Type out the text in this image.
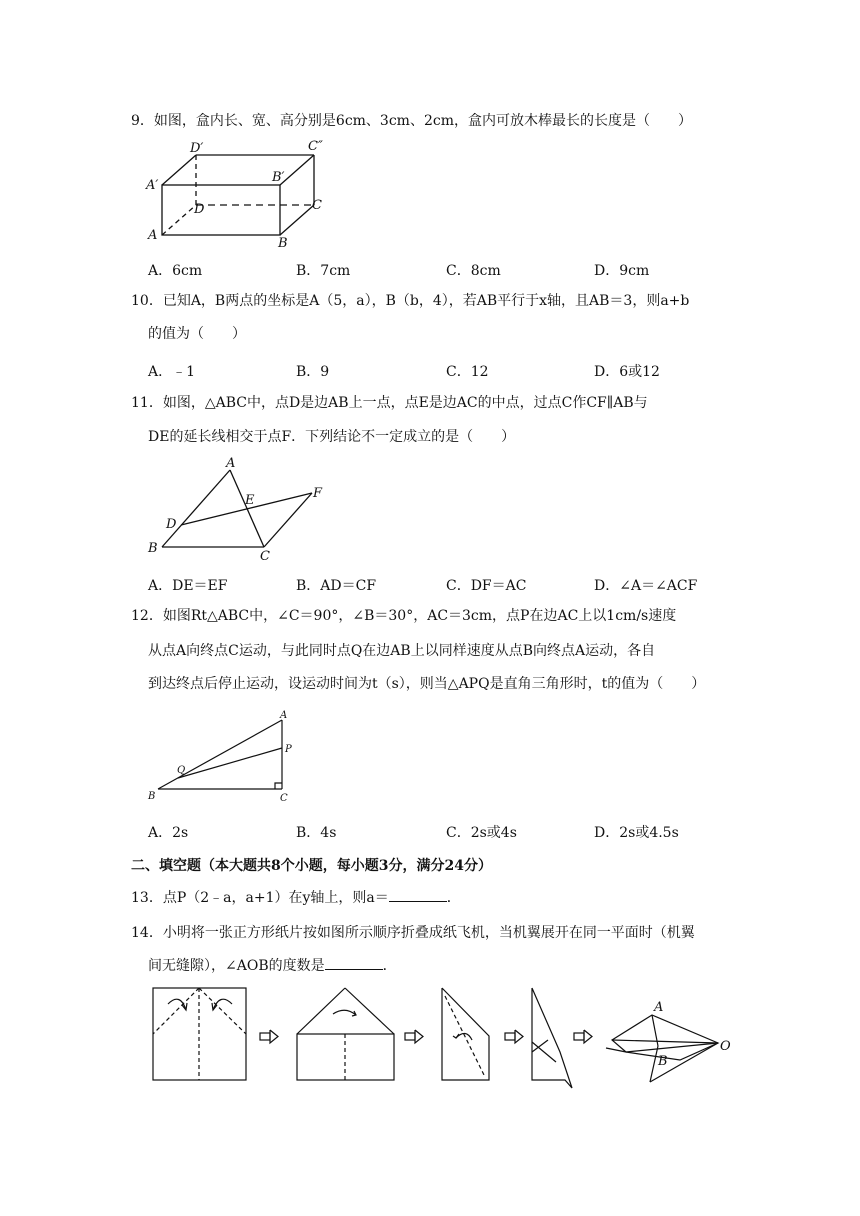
9．如图，盒内长、宽、高分别是6cm、3cm、2cm，盒内可放木棒最长的长度是（　　）
D′	C″
A′
B′
D	C
A
B
A．6cm	B．7cm	C．8cm	D．9cm
10．已知A，B两点的坐标是A（5，a），B（b，4），若AB平行于x轴，且AB＝3，则a+b
的值为（　　）
A．﹣1	B．9	C．12	D．6或12
11．如图，△ABC中，点D是边AB上一点，点E是边AC的中点，过点C作CF∥AB与
DE的延长线相交于点F．下列结论不一定成立的是（　　）
A
E	F
D
B
C
A．DE＝EF	B．AD＝CF	C．DF＝AC	D．∠A＝∠ACF
12．如图Rt△ABC中，∠C＝90°，∠B＝30°，AC＝3cm，点P在边AC上以1cm/s速度
从点A向终点C运动，与此同时点Q在边AB上以同样速度从点B向终点A运动，各自
到达终点后停止运动，设运动时间为t（s），则当△APQ是直角三角形时，t的值为（　　）
A
P
Q
B	C
A．2s	B．4s	C．2s或4s	D．2s或4.5s
二、填空题（本大题共8个小题，每小题3分，满分24分）
13．点P（2﹣a，a+1）在y轴上，则a＝	．
14．小明将一张正方形纸片按如图所示顺序折叠成纸飞机，当机翼展开在同一平面时（机翼
间无缝隙），∠AOB的度数是	．
A
B
O
